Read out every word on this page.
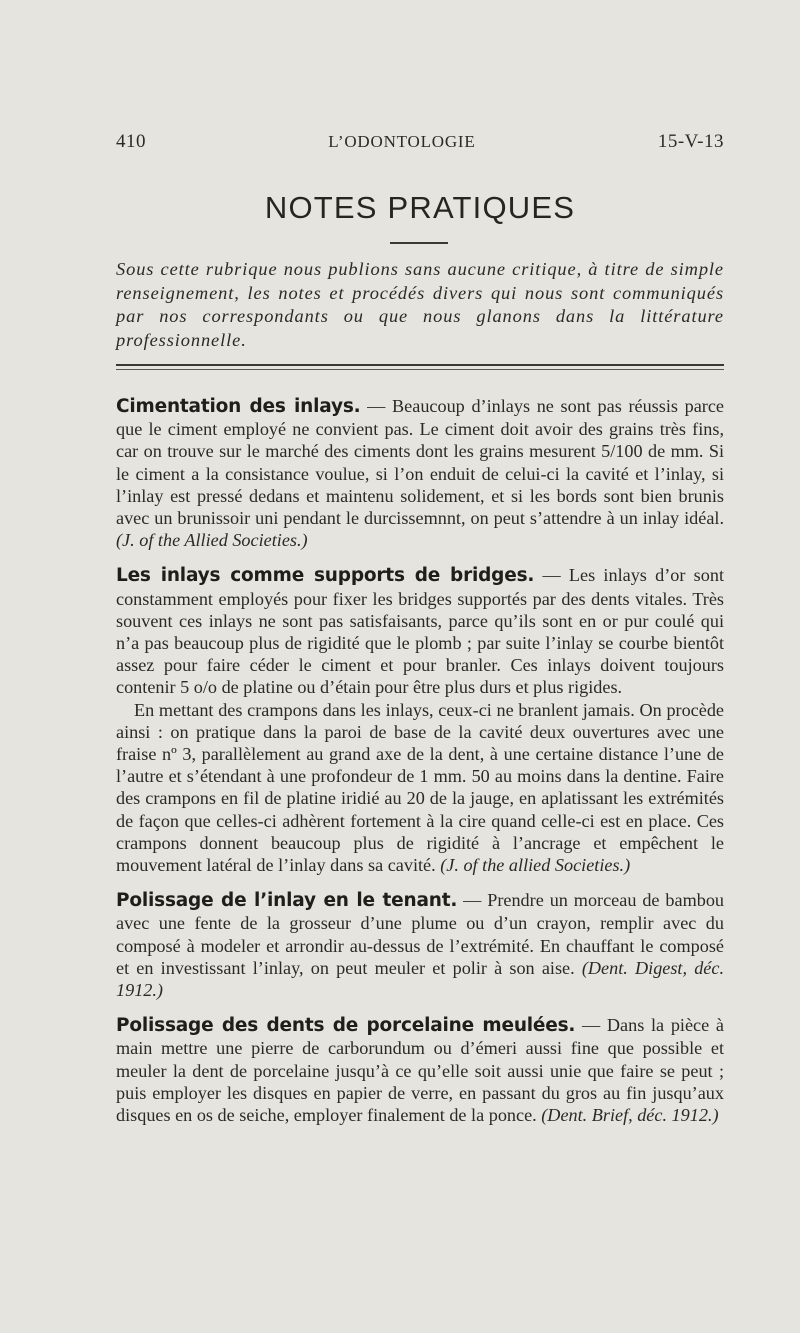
410	L’ODONTOLOGIE	15-V-13
NOTES PRATIQUES

Sous cette rubrique nous publions sans aucune critique, à titre de simple renseignement, les notes et procédés divers qui nous sont communiqués par nos correspondants ou que nous glanons dans la littérature professionnelle.

Cimentation des inlays. — Beaucoup d’inlays ne sont pas réussis parce que le ciment employé ne convient pas. Le ciment doit avoir des grains très fins, car on trouve sur le marché des ciments dont les grains mesurent 5/100 de mm. Si le ciment a la consistance voulue, si l’on enduit de celui-ci la cavité et l’inlay, si l’inlay est pressé dedans et maintenu solidement, et si les bords sont bien brunis avec un brunissoir uni pendant le durcissemnnt, on peut s’attendre à un inlay idéal. (J. of the Allied Societies.)

Les inlays comme supports de bridges. — Les inlays d’or sont constamment employés pour fixer les bridges supportés par des dents vitales. Très souvent ces inlays ne sont pas satisfaisants, parce qu’ils sont en or pur coulé qui n’a pas beaucoup plus de rigidité que le plomb ; par suite l’inlay se courbe bientôt assez pour faire céder le ciment et pour branler. Ces inlays doivent toujours contenir 5 o/o de platine ou d’étain pour être plus durs et plus rigides.

En mettant des crampons dans les inlays, ceux-ci ne branlent jamais. On procède ainsi : on pratique dans la paroi de base de la cavité deux ouvertures avec une fraise nº 3, parallèlement au grand axe de la dent, à une certaine distance l’une de l’autre et s’étendant à une profondeur de 1 mm. 50 au moins dans la dentine. Faire des crampons en fil de platine iridié au 20 de la jauge, en aplatissant les extrémités de façon que celles-ci adhèrent fortement à la cire quand celle-ci est en place. Ces crampons donnent beaucoup plus de rigidité à l’ancrage et empêchent le mouvement latéral de l’inlay dans sa cavité. (J. of the allied Societies.)

Polissage de l’inlay en le tenant. — Prendre un morceau de bambou avec une fente de la grosseur d’une plume ou d’un crayon, remplir avec du composé à modeler et arrondir au-dessus de l’extrémité. En chauffant le composé et en investissant l’inlay, on peut meuler et polir à son aise. (Dent. Digest, déc. 1912.)

Polissage des dents de porcelaine meulées. — Dans la pièce à main mettre une pierre de carborundum ou d’émeri aussi fine que possible et meuler la dent de porcelaine jusqu’à ce qu’elle soit aussi unie que faire se peut ; puis employer les disques en papier de verre, en passant du gros au fin jusqu’aux disques en os de seiche, employer finalement de la ponce. (Dent. Brief, déc. 1912.)
